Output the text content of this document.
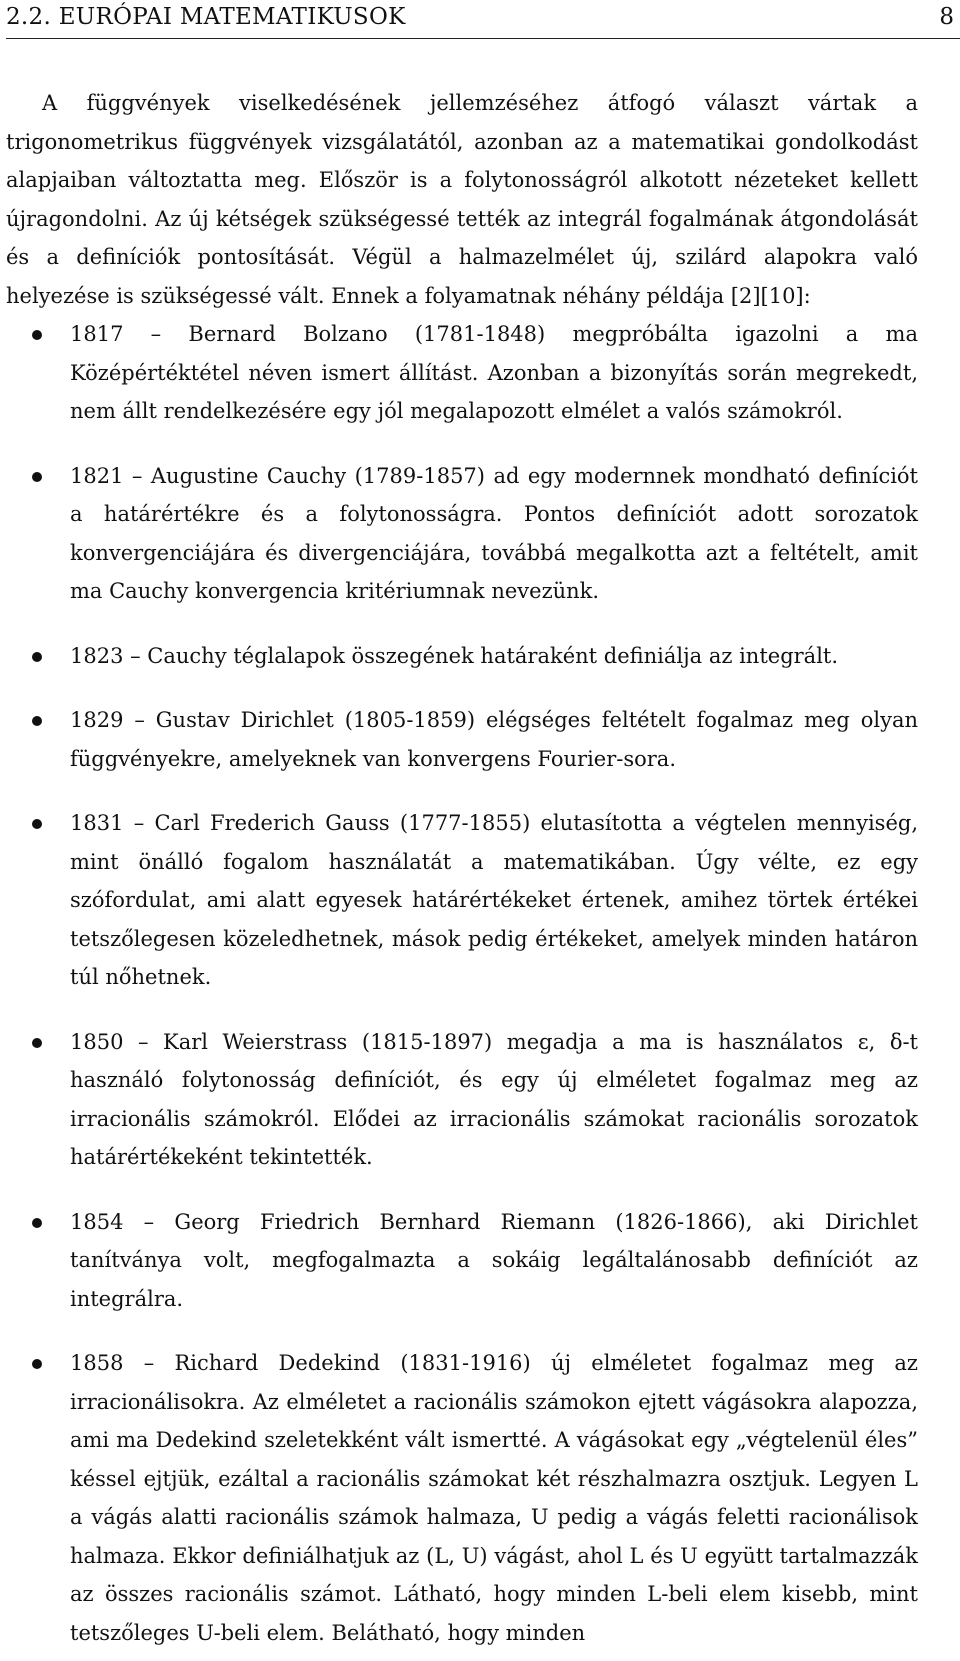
2.2. EURÓPAI MATEMATIKUSOK	8

A függvények viselkedésének jellemzéséhez átfogó választ vártak a trigonometrikus függvények vizsgálatától, azonban az a matematikai gondolkodást alapjaiban változtatta meg. Először is a folytonosságról alkotott nézeteket kellett újragondolni. Az új kétségek szükségessé tették az integrál fogalmának átgondolását és a definíciók pontosítását. Végül a halmazelmélet új, szilárd alapokra való helyezése is szükségessé vált. Ennek a folyamatnak néhány példája [2][10]:

1817 – Bernard Bolzano (1781-1848) megpróbálta igazolni a ma Középértéktétel néven ismert állítást. Azonban a bizonyítás során megrekedt, nem állt rendelkezésére egy jól megalapozott elmélet a valós számokról.
1821 – Augustine Cauchy (1789-1857) ad egy modernnek mondható definíciót a határértékre és a folytonosságra. Pontos definíciót adott sorozatok konvergenciájára és divergenciájára, továbbá megalkotta azt a feltételt, amit ma Cauchy konvergencia kritériumnak nevezünk.
1823 – Cauchy téglalapok összegének határaként definiálja az integrált.
1829 – Gustav Dirichlet (1805-1859) elégséges feltételt fogalmaz meg olyan függvényekre, amelyeknek van konvergens Fourier-sora.
1831 – Carl Frederich Gauss (1777-1855) elutasította a végtelen mennyiség, mint önálló fogalom használatát a matematikában. Úgy vélte, ez egy szófordulat, ami alatt egyesek határértékeket értenek, amihez törtek értékei tetszőlegesen közeledhetnek, mások pedig értékeket, amelyek minden határon túl nőhetnek.
1850 – Karl Weierstrass (1815-1897) megadja a ma is használatos ε, δ-t használó folytonosság definíciót, és egy új elméletet fogalmaz meg az irracionális számokról. Elődei az irracionális számokat racionális sorozatok határértékeként tekintették.
1854 – Georg Friedrich Bernhard Riemann (1826-1866), aki Dirichlet tanítványa volt, megfogalmazta a sokáig legáltalánosabb definíciót az integrálra.
1858 – Richard Dedekind (1831-1916) új elméletet fogalmaz meg az irracionálisokra. Az elméletet a racionális számokon ejtett vágásokra alapozza, ami ma Dedekind szeletekként vált ismertté. A vágásokat egy „végtelenül éles” késsel ejtjük, ezáltal a racionális számokat két részhalmazra osztjuk. Legyen L a vágás alatti racionális számok halmaza, U pedig a vágás feletti racionálisok halmaza. Ekkor definiálhatjuk az (L, U) vágást, ahol L és U együtt tartalmazzák az összes racionális számot. Látható, hogy minden L-beli elem kisebb, mint tetszőleges U-beli elem. Belátható, hogy minden
